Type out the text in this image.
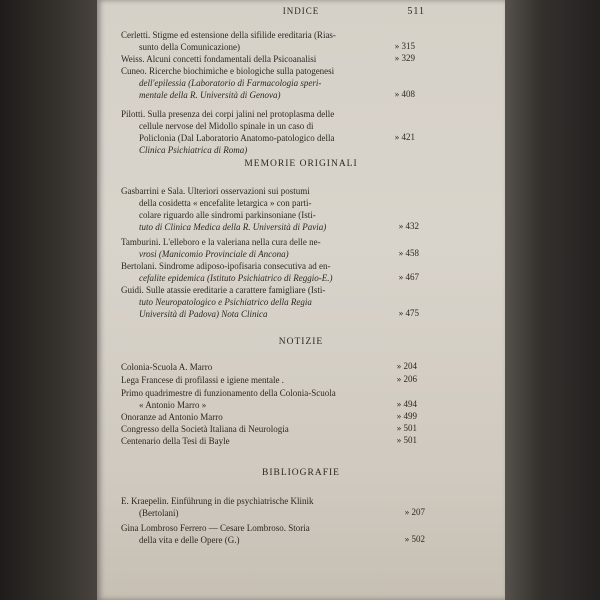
INDICE	511
Cerletti. Stigme ed estensione della sifilide ereditaria (Rias-
sunto della Comunicazione)	» 315
Weiss. Alcuni concetti fondamentali della Psicoanalisi	» 329
Cuneo. Ricerche biochimiche e biologiche sulla patogenesi
dell'epilessia (Laboratorio di Farmacologia speri-
mentale della R. Università di Genova)	» 408
Pilotti. Sulla presenza dei corpi jalini nel protoplasma delle
cellule nervose del Midollo spinale in un caso di
Policlonia (Dal Laboratorio Anatomo-patologico della
Clinica Psichiatrica di Roma)
» 421
MEMORIE ORIGINALI
Gasbarrini e Sala. Ulteriori osservazioni sui postumi
della cosidetta « encefalite letargica » con parti-
colare riguardo alle sindromi parkinsoniane (Isti-
tuto di Clinica Medica della R. Università di Pavia)	» 432
Tamburini. L'elleboro e la valeriana nella cura delle ne-
vrosi (Manicomio Provinciale di Ancona)	» 458
Bertolani. Sindrome adiposo-ipofisaria consecutiva ad en-
cefalite epidemica (Istituto Psichiatrico di Reggio-E.)	» 467
Guidi. Sulle atassie ereditarie a carattere famigliare (Isti-
tuto Neuropatologico e Psichiatrico della Regia
Università di Padova) Nota Clinica	» 475
NOTIZIE
Colonia-Scuola A. Marro	» 204
Lega Francese di profilassi e igiene mentale .	» 206
Primo quadrimestre di funzionamento della Colonia-Scuola
« Antonio Marro »	» 494
Onoranze ad Antonio Marro	» 499
Congresso della Società Italiana di Neurologia	» 501
Centenario della Tesi di Bayle	» 501
BIBLIOGRAFIE
E. Kraepelin. Einführung in die psychiatrische Klinik
(Bertolani)	» 207
Gina Lombroso Ferrero — Cesare Lombroso. Storia
della vita e delle Opere (G.)	» 502
